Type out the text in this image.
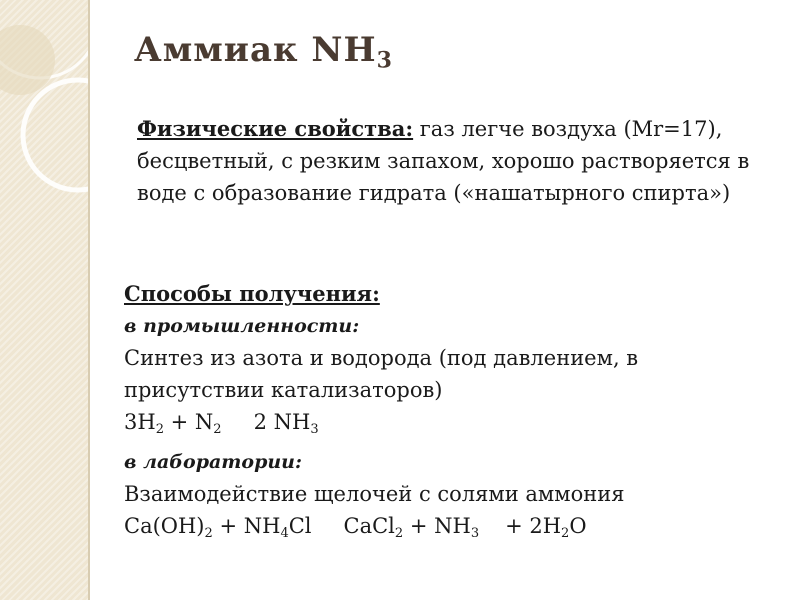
Аммиак $NH_3$

Физические свойства: газ легче воздуха (Mr=17), бесцветный, с резким запахом, хорошо растворяется в воде с образование гидрата («нашатырного спирта»)

Способы получения:
в промышленности:
Синтез из азота и водорода (под давлением, в
присутствии катализаторов)
$3H_2 + N_2$ 2 $NH_3$
в лаборатории:
Взаимодействие щелочей с солями аммония
$Ca(OH)_2 + NH_4Cl$ CaCl$_2$ + $NH_3 + 2H_2O$
